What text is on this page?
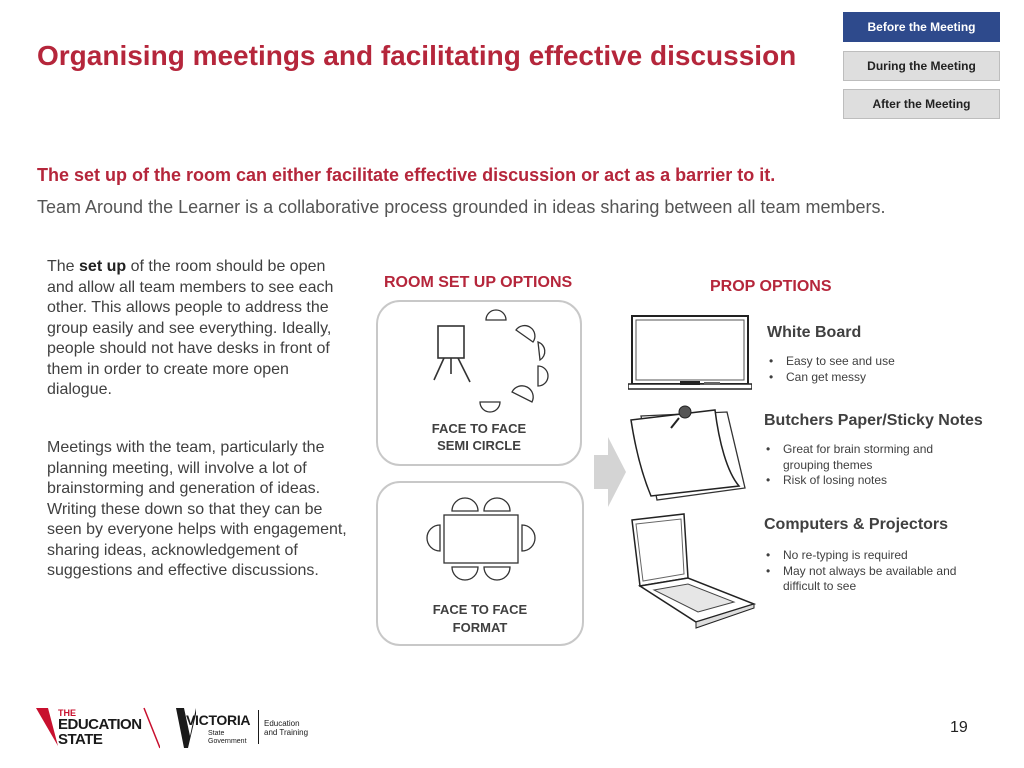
Organising meetings and facilitating effective discussion
Before the Meeting
During the Meeting
After the Meeting
The set up of the room can either facilitate effective discussion or act as a barrier to it.
Team Around the Learner is a collaborative process grounded in ideas sharing between all team members.
The set up of the room should be open and allow all team members to see each other. This allows people to address the group easily and see everything. Ideally, people should not have desks in front of them in order to create more open dialogue.
Meetings with the team, particularly the planning meeting, will involve a lot of brainstorming and generation of ideas. Writing these down so that they can be seen by everyone helps with engagement, sharing ideas, acknowledgement of suggestions and effective discussions.
ROOM SET UP OPTIONS
FACE TO FACE
SEMI CIRCLE
FACE TO FACE
FORMAT
PROP OPTIONS
White Board
• Easy to see and use
• Can get messy
Butchers Paper/Sticky Notes
• Great for brain storming and grouping themes
• Risk of losing notes
Computers & Projectors
• No re-typing is required
• May not always be available and difficult to see
THE
EDUCATION
STATE
VICTORIA
State
Government
Education
and Training	19
